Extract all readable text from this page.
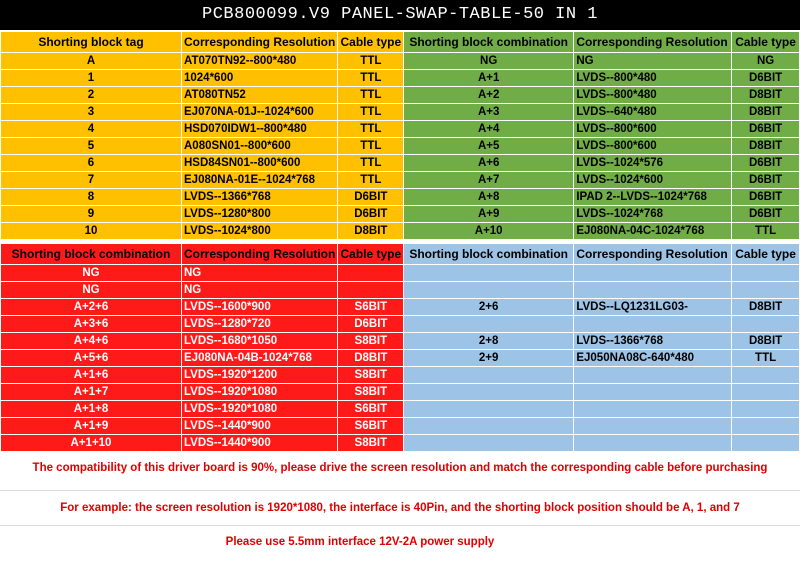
PCB800099.V9 PANEL-SWAP-TABLE-50 IN 1
Shorting block tag	Corresponding Resolution	Cable type
A	AT070TN92--800*480	TTL
1	1024*600	TTL
2	AT080TN52	TTL
3	EJ070NA-01J--1024*600	TTL
4	HSD070IDW1--800*480	TTL
5	A080SN01--800*600	TTL
6	HSD84SN01--800*600	TTL
7	EJ080NA-01E--1024*768	TTL
8	LVDS--1366*768	D6BIT
9	LVDS--1280*800	D6BIT
10	LVDS--1024*800	D8BIT
Shorting block combination	Corresponding Resolution	Cable type
NG	NG	NG
A+1	LVDS--800*480	D6BIT
A+2	LVDS--800*480	D8BIT
A+3	LVDS--640*480	D8BIT
A+4	LVDS--800*600	D6BIT
A+5	LVDS--800*600	D8BIT
A+6	LVDS--1024*576	D6BIT
A+7	LVDS--1024*600	D6BIT
A+8	IPAD 2--LVDS--1024*768	D6BIT
A+9	LVDS--1024*768	D6BIT
A+10	EJ080NA-04C-1024*768	TTL
Shorting block combination	Corresponding Resolution	Cable type
NG	NG	
NG	NG	
A+2+6	LVDS--1600*900	S6BIT
A+3+6	LVDS--1280*720	D6BIT
A+4+6	LVDS--1680*1050	S8BIT
A+5+6	EJ080NA-04B-1024*768	D8BIT
A+1+6	LVDS--1920*1200	S8BIT
A+1+7	LVDS--1920*1080	S8BIT
A+1+8	LVDS--1920*1080	S6BIT
A+1+9	LVDS--1440*900	S6BIT
A+1+10	LVDS--1440*900	S8BIT
Shorting block combination	Corresponding Resolution	Cable type

2+6	LVDS--LQ1231LG03-	D8BIT

2+8	LVDS--1366*768	D8BIT
2+9	EJ050NA08C-640*480	TTL

The compatibility of this driver board is 90%, please drive the screen resolution and match the corresponding cable before purchasing
For example: the screen resolution is 1920*1080, the interface is 40Pin, and the shorting block position should be A, 1, and 7
Please use 5.5mm interface 12V-2A power supply
